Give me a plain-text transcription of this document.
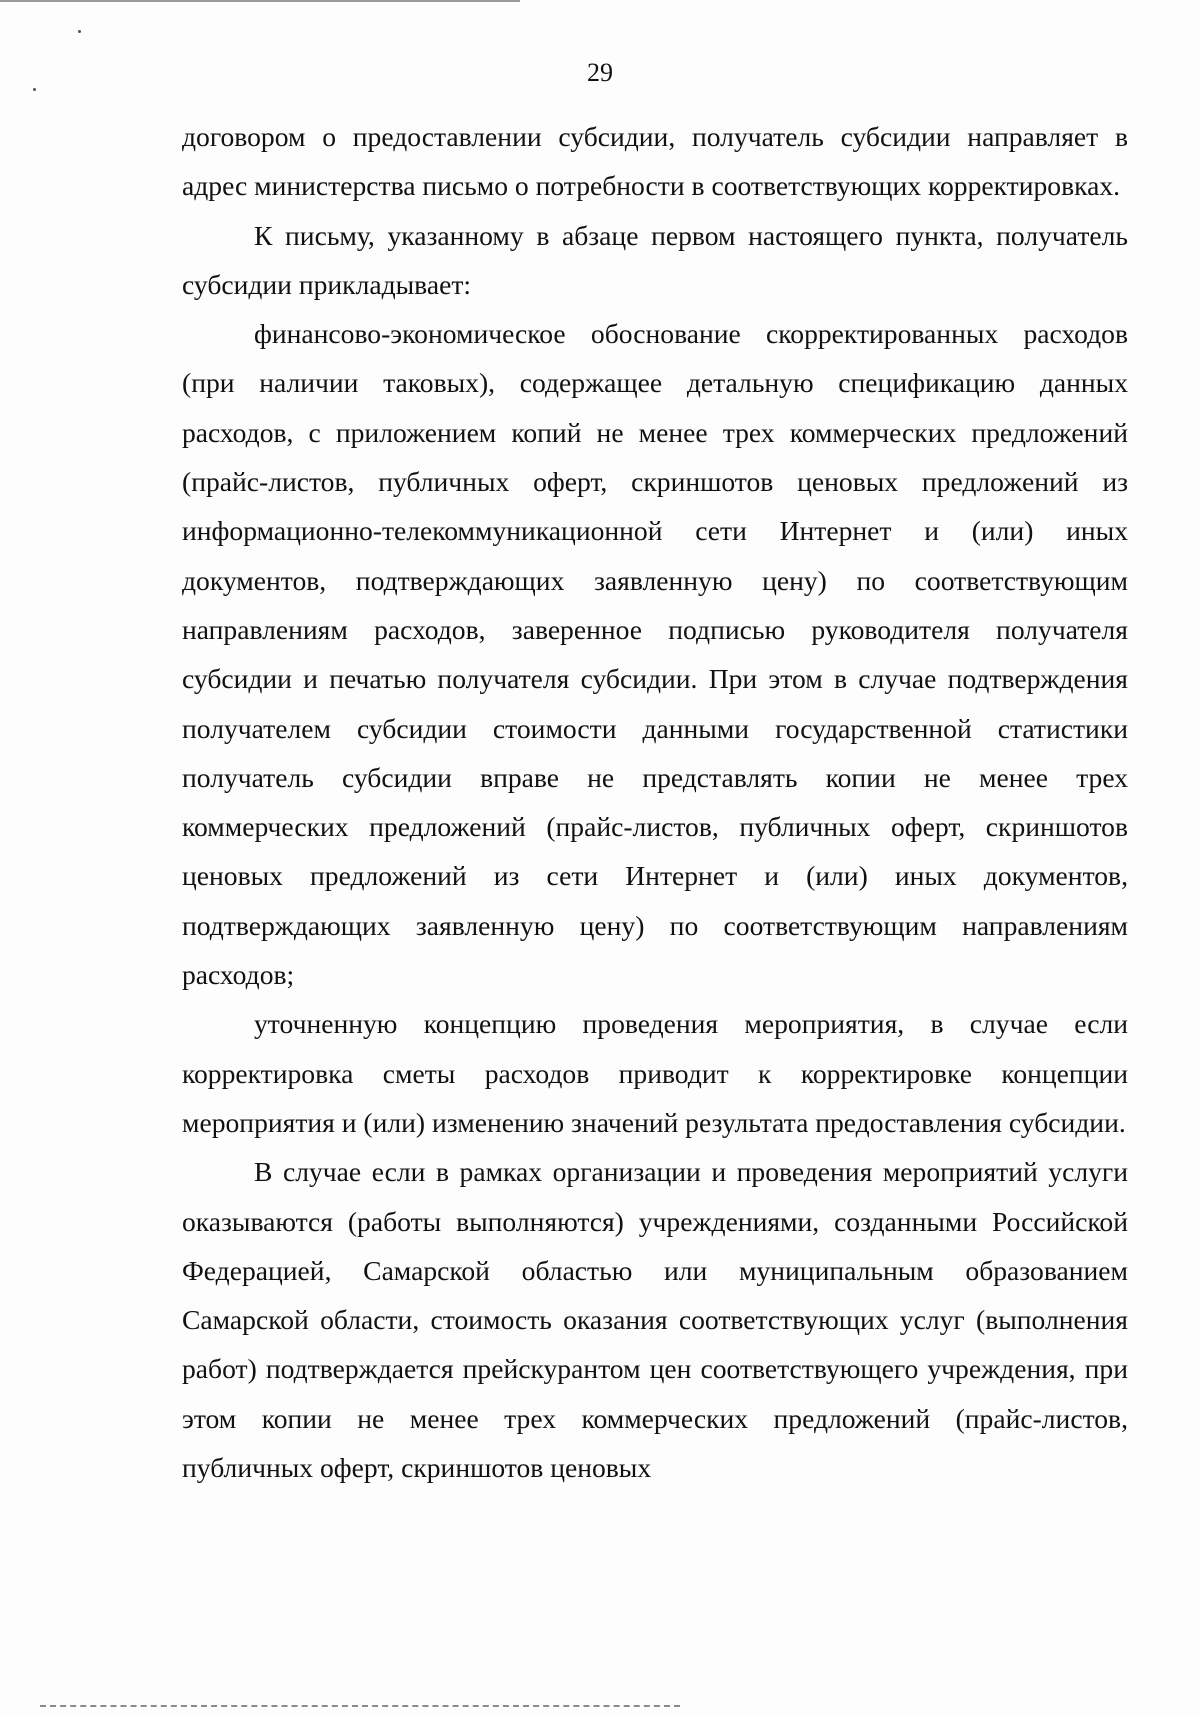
29

договором о предоставлении субсидии, получатель субсидии направляет в адрес министерства письмо о потребности в соответствующих корректировках.

К письму, указанному в абзаце первом настоящего пункта, получатель субсидии прикладывает:

финансово-экономическое обоснование скорректированных расходов (при наличии таковых), содержащее детальную спецификацию данных расходов, с приложением копий не менее трех коммерческих предложений (прайс-листов, публичных оферт, скриншотов ценовых предложений из информационно-телекоммуникационной сети Интернет и (или) иных документов, подтверждающих заявленную цену) по соответствующим направлениям расходов, заверенное подписью руководителя получателя субсидии и печатью получателя субсидии. При этом в случае подтверждения получателем субсидии стоимости данными государственной статистики получатель субсидии вправе не представлять копии не менее трех коммерческих предложений (прайс-листов, публичных оферт, скриншотов ценовых предложений из сети Интернет и (или) иных документов, подтверждающих заявленную цену) по соответствующим направлениям расходов;

уточненную концепцию проведения мероприятия, в случае если корректировка сметы расходов приводит к корректировке концепции мероприятия и (или) изменению значений результата предоставления субсидии.

В случае если в рамках организации и проведения мероприятий услуги оказываются (работы выполняются) учреждениями, созданными Российской Федерацией, Самарской областью или муниципальным образованием Самарской области, стоимость оказания соответствующих услуг (выполнения работ) подтверждается прейскурантом цен соответствующего учреждения, при этом копии не менее трех коммерческих предложений (прайс-листов, публичных оферт, скриншотов ценовых
